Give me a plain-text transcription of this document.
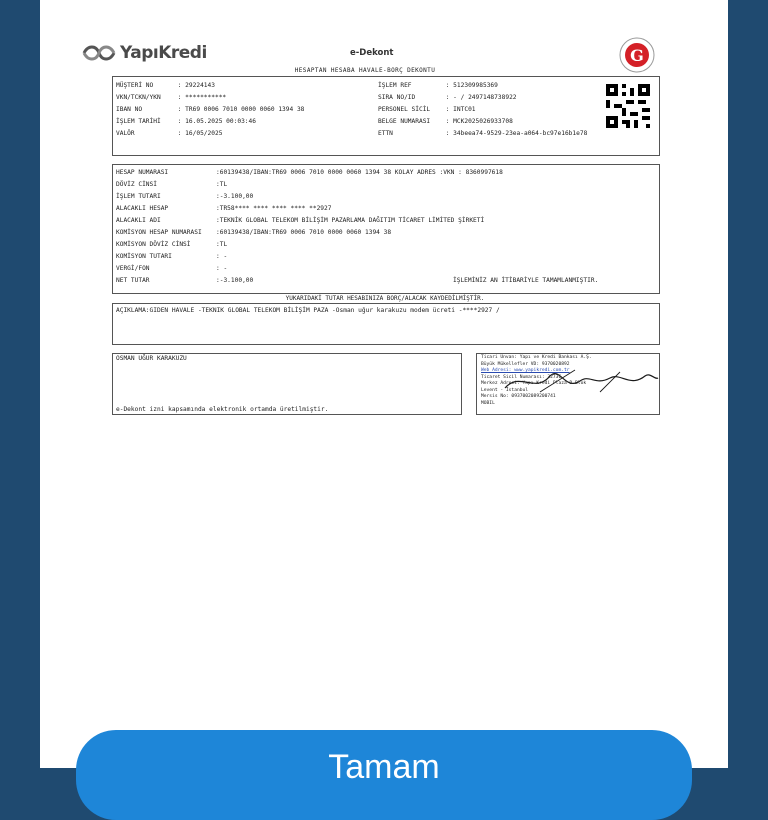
YapıKredi	e-Dekont	G
HESAPTAN HESABA HAVALE-BORÇ DEKONTU
MÜŞTERİ NO	: 29224143
VKN/TCKN/YKN	: ***********
IBAN NO	: TR69 0006 7010 0000 0060 1394 38
İŞLEM TARİHİ	: 16.05.2025 00:03:46
VALÖR	: 16/05/2025
İŞLEM REF	: 512309985369
SIRA NO/ID	: - / 2497148738922
PERSONEL SİCİL	: INTC01
BELGE NUMARASI	: MCK2025026933708
ETTN	: 34beea74-9529-23ea-a064-bc97e16b1e78
HESAP NUMARASI	:60139438/IBAN:TR69 0006 7010 0000 0060 1394 38 KOLAY ADRES :VKN : 8360997618
DÖVİZ CİNSİ	:TL
İŞLEM TUTARI	:-3.100,00
ALACAKLI HESAP	:TR58**** **** **** **** **2927
ALACAKLI ADI	:TEKNİK GLOBAL TELEKOM BİLİŞİM PAZARLAMA DAĞITIM TİCARET LİMİTED ŞİRKETİ
KOMİSYON HESAP NUMARASI :60139438/IBAN:TR69 0006 7010 0000 0060 1394 38
KOMİSYON DÖVİZ CİNSİ	:TL
KOMİSYON TUTARI	: -
VERGİ/FON	: -
NET TUTAR	:-3.100,00	İŞLEMİNİZ AN İTİBARİYLE TAMAMLANMIŞTIR.
YUKARIDAKİ TUTAR HESABINIZA BORÇ/ALACAK KAYDEDİLMİŞTİR.
AÇIKLAMA:GIDEN HAVALE -TEKNIK GLOBAL TELEKOM BİLİŞİM PAZA -Osman uğur karakuzu modem ücreti -****2927 /
OSMAN UĞUR KARAKUZU
e-Dekont izni kapsamında elektronik ortamda üretilmiştir.
Ticari Unvan: Yapı ve Kredi Bankası A.Ş.
Büyük Mükellefler VD: 9370020892
Web Adresi: www.yapikredi.com.tr
Ticaret Sicil Numarası: 32736
Merkez Adresi: Yapı Kredi Plaza D Blok
Levent - İstanbul
Mersis No: 0937002089200741
MOBIL
Tamam
